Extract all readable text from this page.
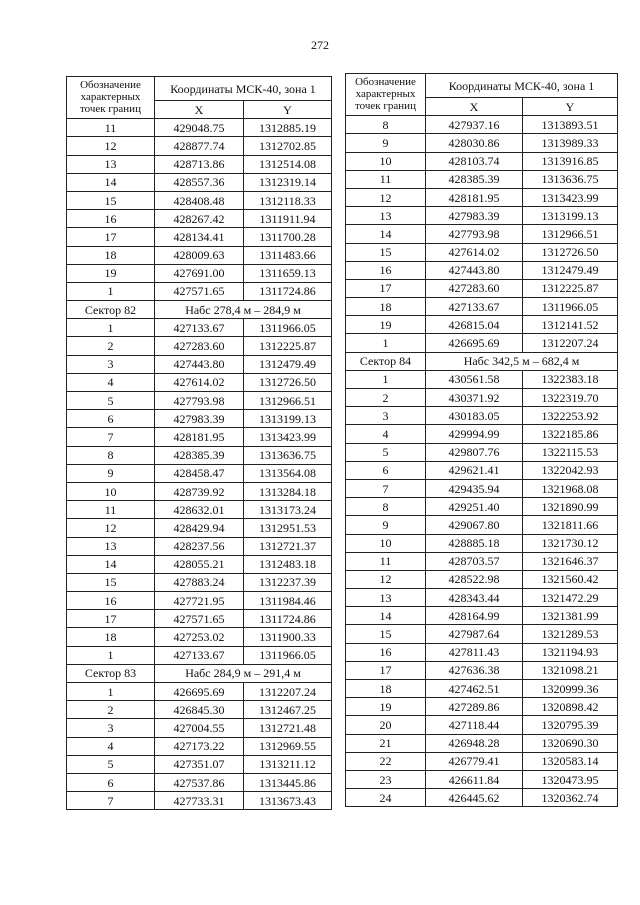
272
Обозначение характерных точек границ	Координаты МСК-40, зона 1	
	X	Y
11	429048.75	1312885.19
12	428877.74	1312702.85
13	428713.86	1312514.08
14	428557.36	1312319.14
15	428408.48	1312118.33
16	428267.42	1311911.94
17	428134.41	1311700.28
18	428009.63	1311483.66
19	427691.00	1311659.13
1	427571.65	1311724.86
Сектор 82	Набс 278,4 м – 284,9 м	
1	427133.67	1311966.05
2	427283.60	1312225.87
3	427443.80	1312479.49
4	427614.02	1312726.50
5	427793.98	1312966.51
6	427983.39	1313199.13
7	428181.95	1313423.99
8	428385.39	1313636.75
9	428458.47	1313564.08
10	428739.92	1313284.18
11	428632.01	1313173.24
12	428429.94	1312951.53
13	428237.56	1312721.37
14	428055.21	1312483.18
15	427883.24	1312237.39
16	427721.95	1311984.46
17	427571.65	1311724.86
18	427253.02	1311900.33
1	427133.67	1311966.05
Сектор 83	Набс 284,9 м – 291,4 м	
1	426695.69	1312207.24
2	426845.30	1312467.25
3	427004.55	1312721.48
4	427173.22	1312969.55
5	427351.07	1313211.12
6	427537.86	1313445.86
7	427733.31	1313673.43
Обозначение характерных точек границ	Координаты МСК-40, зона 1	
	X	Y
8	427937.16	1313893.51
9	428030.86	1313989.33
10	428103.74	1313916.85
11	428385.39	1313636.75
12	428181.95	1313423.99
13	427983.39	1313199.13
14	427793.98	1312966.51
15	427614.02	1312726.50
16	427443.80	1312479.49
17	427283.60	1312225.87
18	427133.67	1311966.05
19	426815.04	1312141.52
1	426695.69	1312207.24
Сектор 84	Набс 342,5 м – 682,4 м	
1	430561.58	1322383.18
2	430371.92	1322319.70
3	430183.05	1322253.92
4	429994.99	1322185.86
5	429807.76	1322115.53
6	429621.41	1322042.93
7	429435.94	1321968.08
8	429251.40	1321890.99
9	429067.80	1321811.66
10	428885.18	1321730.12
11	428703.57	1321646.37
12	428522.98	1321560.42
13	428343.44	1321472.29
14	428164.99	1321381.99
15	427987.64	1321289.53
16	427811.43	1321194.93
17	427636.38	1321098.21
18	427462.51	1320999.36
19	427289.86	1320898.42
20	427118.44	1320795.39
21	426948.28	1320690.30
22	426779.41	1320583.14
23	426611.84	1320473.95
24	426445.62	1320362.74
